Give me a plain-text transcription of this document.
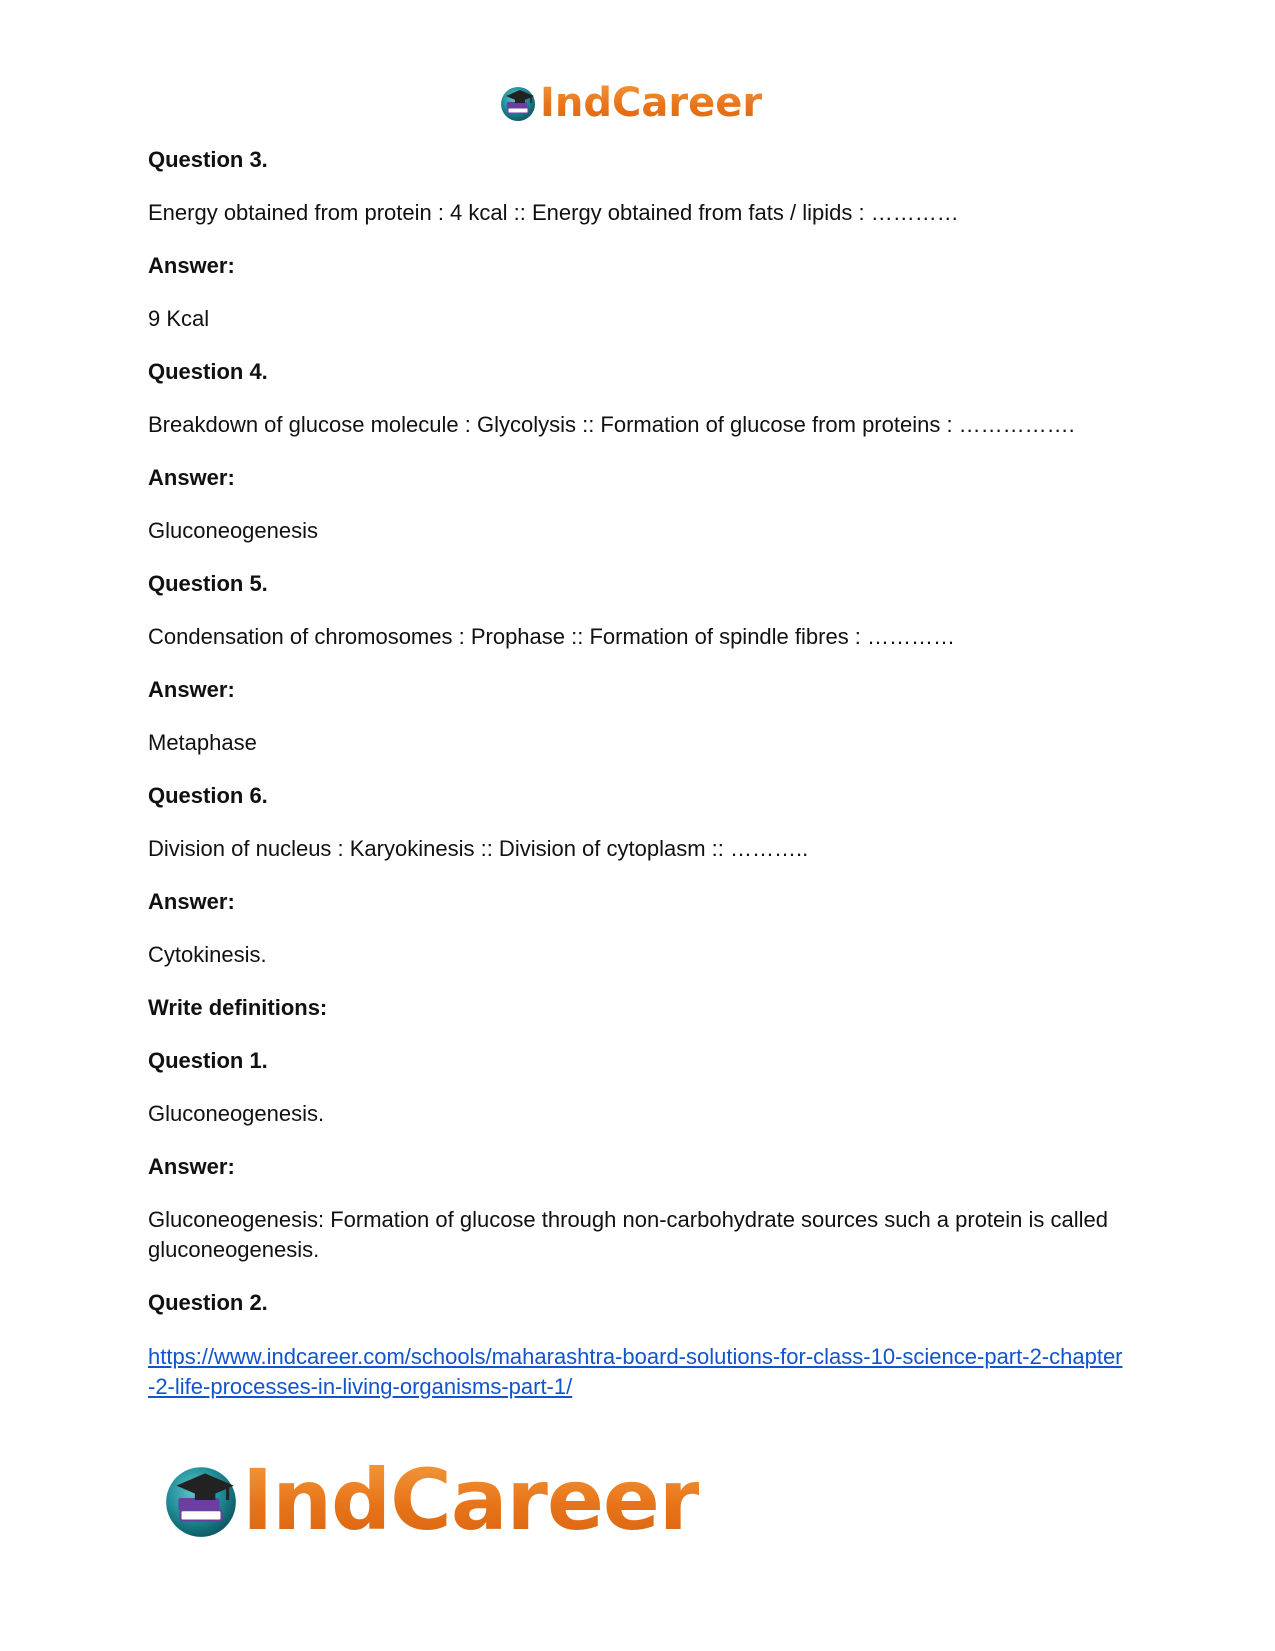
IndCareer

Question 3.

Energy obtained from protein : 4 kcal :: Energy obtained from fats / lipids : …………

Answer:

9 Kcal

Question 4.

Breakdown of glucose molecule : Glycolysis :: Formation of glucose from proteins : …………….

Answer:

Gluconeogenesis

Question 5.

Condensation of chromosomes : Prophase :: Formation of spindle fibres : …………

Answer:

Metaphase

Question 6.

Division of nucleus : Karyokinesis :: Division of cytoplasm :: ………..

Answer:

Cytokinesis.

Write definitions:

Question 1.

Gluconeogenesis.

Answer:

Gluconeogenesis: Formation of glucose through non-carbohydrate sources such a protein is called gluconeogenesis.

Question 2.

https://www.indcareer.com/schools/maharashtra-board-solutions-for-class-10-science-part-2-chapter-2-life-processes-in-living-organisms-part-1/
IndCareer
